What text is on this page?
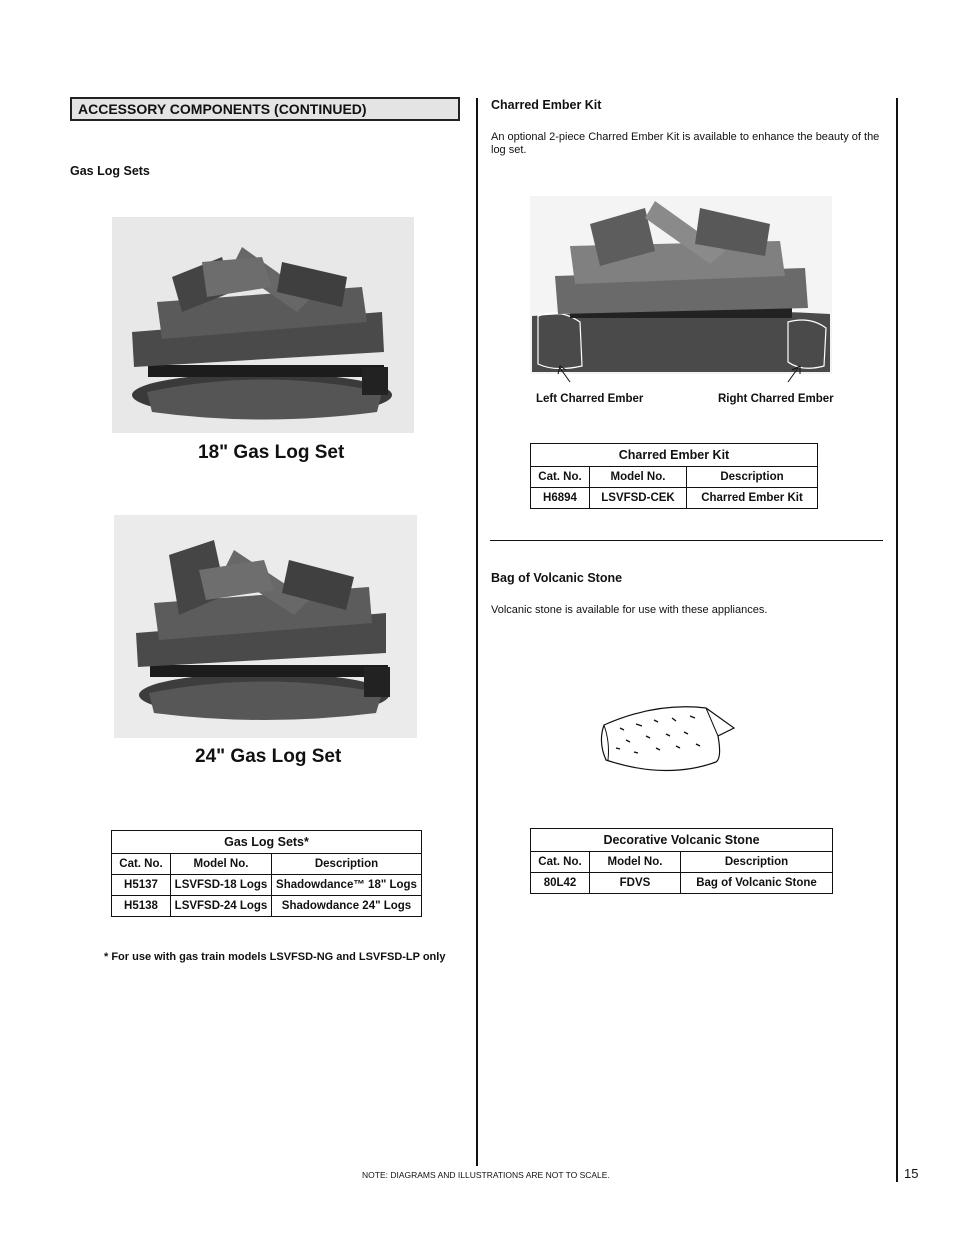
ACCESSORY COMPONENTS (CONTINUED)
Gas Log Sets
18" Gas Log Set
24" Gas Log Set
Gas Log Sets*		
Cat. No.	Model No.	Description
H5137	LSVFSD-18 Logs	Shadowdance™ 18" Logs
H5138	LSVFSD-24 Logs	Shadowdance 24" Logs
* For use with gas train models LSVFSD-NG and LSVFSD-LP only
Charred Ember Kit
An optional 2-piece Charred Ember Kit is available to enhance the beauty of the log set.
Left Charred Ember	Right Charred Ember
Charred Ember Kit		
Cat. No.	Model No.	Description
H6894	LSVFSD-CEK	Charred Ember Kit
Bag of Volcanic Stone
Volcanic stone is available for use with these appliances.
Decorative Volcanic Stone		
Cat. No.	Model No.	Description
80L42	FDVS	Bag of Volcanic Stone
NOTE: DIAGRAMS AND ILLUSTRATIONS ARE NOT TO SCALE.	15
